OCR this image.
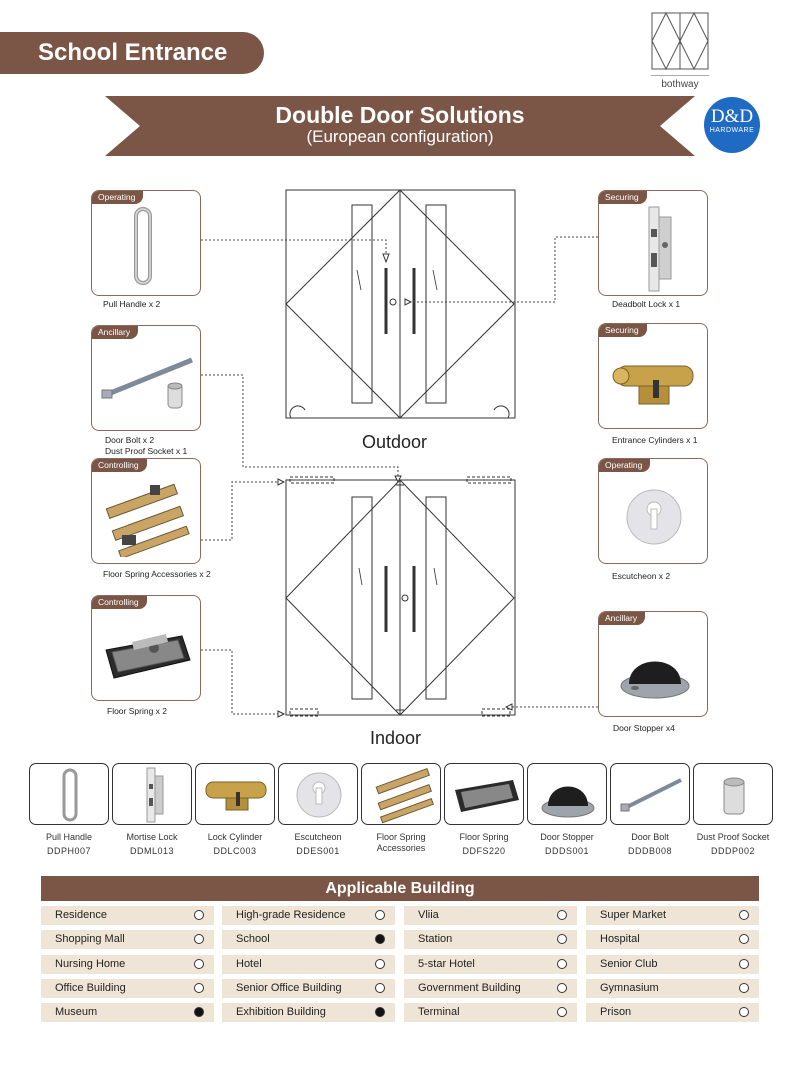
School Entrance
bothway
Double Door Solutions
(European configuration)
D&D
HARDWARE
Outdoor
Indoor
Operating
Pull Handle x 2
Ancillary
Door Bolt x 2
Dust Proof Socket x 1
Controlling
Floor Spring Accessories x 2
Controlling
Floor Spring x 2
Securing
Deadbolt Lock x 1
Securing
Entrance Cylinders x 1
Operating
Escutcheon x 2
Ancillary
Door Stopper x4
Pull Handle
DDPH007
Mortise Lock
DDML013
Lock Cylinder
DDLC003
Escutcheon
DDES001
Floor Spring Accessories
Floor Spring
DDFS220
Door Stopper
DDDS001
Door Bolt
DDDB008
Dust Proof Socket
DDDP002
Applicable Building
Residence	High-grade Residence	Vliia	Super Market
Shopping Mall	School	Station	Hospital
Nursing Home	Hotel	5-star Hotel	Senior Club
Office Building	Senior Office Building	Government Building	Gymnasium
Museum	Exhibition Building	Terminal	Prison
